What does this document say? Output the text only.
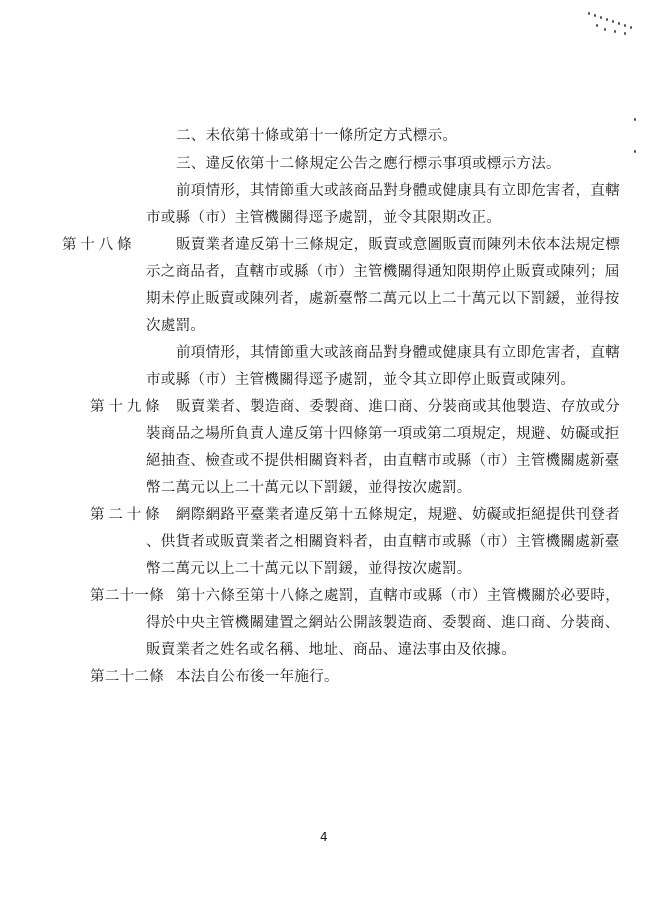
二、未依第十條或第十一條所定方式標示。
三、違反依第十二條規定公告之應行標示事項或標示方法。
前項情形，其情節重大或該商品對身體或健康具有立即危害者，直轄
市或縣（市）主管機關得逕予處罰，並令其限期改正。
第 十 八 條	販賣業者違反第十三條規定，販賣或意圖販賣而陳列未依本法規定標
示之商品者，直轄市或縣（市）主管機關得通知限期停止販賣或陳列；屆
期未停止販賣或陳列者，處新臺幣二萬元以上二十萬元以下罰鍰，並得按
次處罰。
前項情形，其情節重大或該商品對身體或健康具有立即危害者，直轄
市或縣（市）主管機關得逕予處罰，並令其立即停止販賣或陳列。
第 十 九 條 販賣業者、製造商、委製商、進口商、分裝商或其他製造、存放或分
裝商品之場所負責人違反第十四條第一項或第二項規定，規避、妨礙或拒
絕抽查、檢查或不提供相關資料者，由直轄市或縣（市）主管機關處新臺
幣二萬元以上二十萬元以下罰鍰，並得按次處罰。
第 二 十 條 網際網路平臺業者違反第十五條規定，規避、妨礙或拒絕提供刊登者
、供貨者或販賣業者之相關資料者，由直轄市或縣（市）主管機關處新臺
幣二萬元以上二十萬元以下罰鍰，並得按次處罰。
第二十一條 第十六條至第十八條之處罰，直轄市或縣（市）主管機關於必要時，
得於中央主管機關建置之網站公開該製造商、委製商、進口商、分裝商、
販賣業者之姓名或名稱、地址、商品、違法事由及依據。
第二十二條 本法自公布後一年施行。
4
